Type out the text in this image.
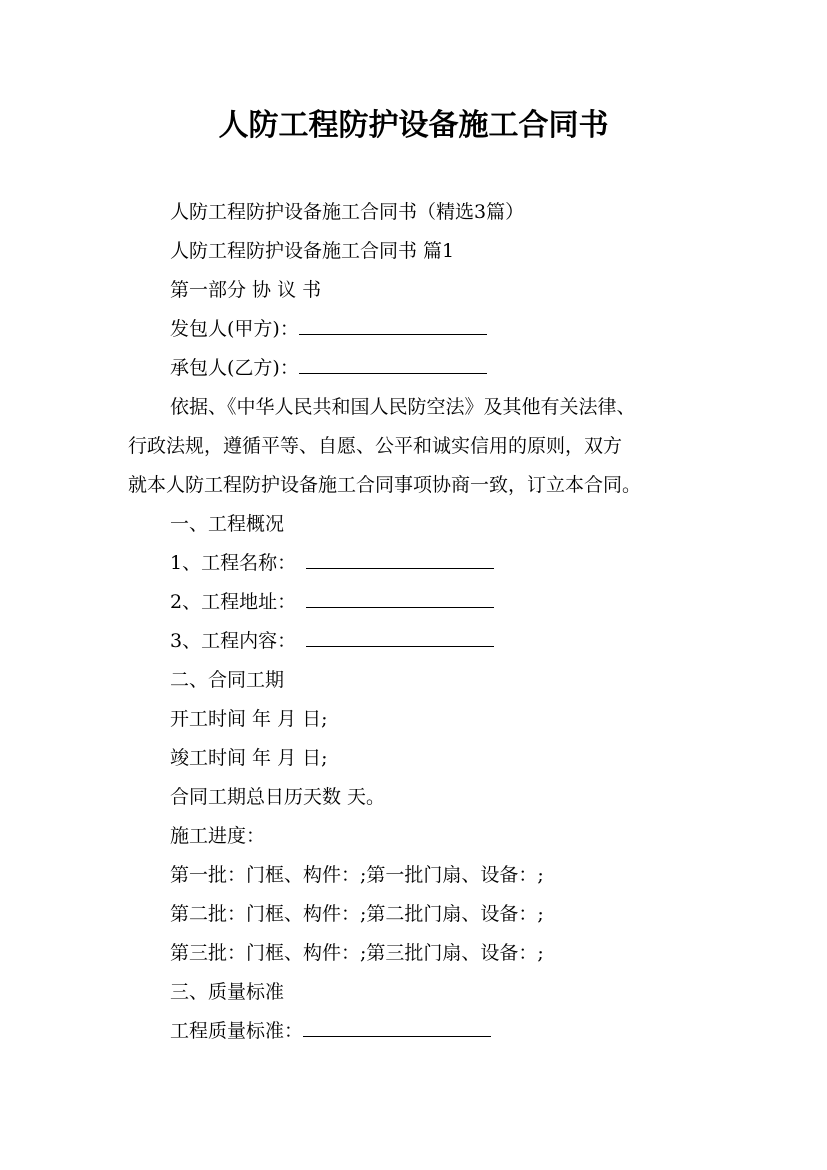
人防工程防护设备施工合同书
人防工程防护设备施工合同书（精选3篇）
人防工程防护设备施工合同书 篇1
第一部分 协 议 书
发包人(甲方)：
承包人(乙方)：
依据、《中华人民共和国人民防空法》及其他有关法律、
行政法规，遵循平等、自愿、公平和诚实信用的原则，双方
就本人防工程防护设备施工合同事项协商一致，订立本合同。
一、工程概况
1、工程名称：
2、工程地址：
3、工程内容：
二、合同工期
开工时间 年 月 日;
竣工时间 年 月 日;
合同工期总日历天数 天。
施工进度：
第一批：门框、构件：;第一批门扇、设备：;
第二批：门框、构件：;第二批门扇、设备：;
第三批：门框、构件：;第三批门扇、设备：;
三、质量标准
工程质量标准：
